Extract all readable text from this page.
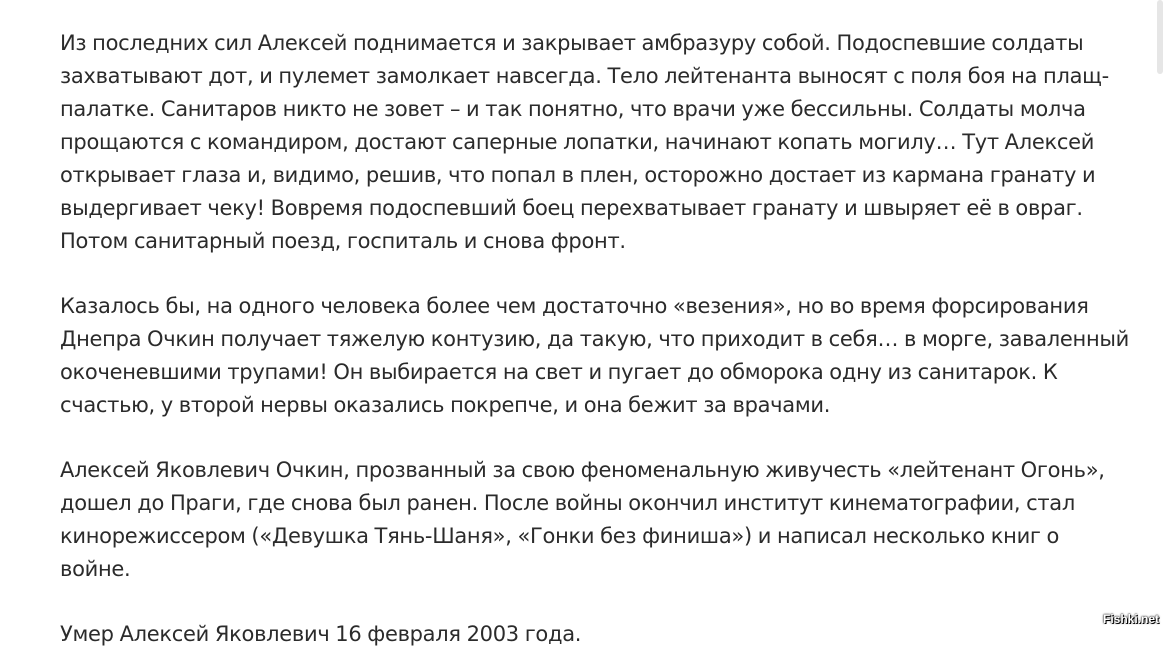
Из последних сил Алексей поднимается и закрывает амбразуру собой. Подоспевшие солдаты захватывают дот, и пулемет замолкает навсегда. Тело лейтенанта выносят с поля боя на плащ-палатке. Санитаров никто не зовет – и так понятно, что врачи уже бессильны. Солдаты молча прощаются с командиром, достают саперные лопатки, начинают копать могилу… Тут Алексей открывает глаза и, видимо, решив, что попал в плен, осторожно достает из кармана гранату и выдергивает чеку! Вовремя подоспевший боец перехватывает гранату и швыряет её в овраг. Потом санитарный поезд, госпиталь и снова фронт.

Казалось бы, на одного человека более чем достаточно «везения», но во время форсирования Днепра Очкин получает тяжелую контузию, да такую, что приходит в себя… в морге, заваленный окоченевшими трупами! Он выбирается на свет и пугает до обморока одну из санитарок. К счастью, у второй нервы оказались покрепче, и она бежит за врачами.

Алексей Яковлевич Очкин, прозванный за свою феноменальную живучесть «лейтенант Огонь», дошел до Праги, где снова был ранен. После войны окончил институт кинематографии, стал кинорежиссером («Девушка Тянь-Шаня», «Гонки без финиша») и написал несколько книг о войне.

Умер Алексей Яковлевич 16 февраля 2003 года.

Fishki.net
